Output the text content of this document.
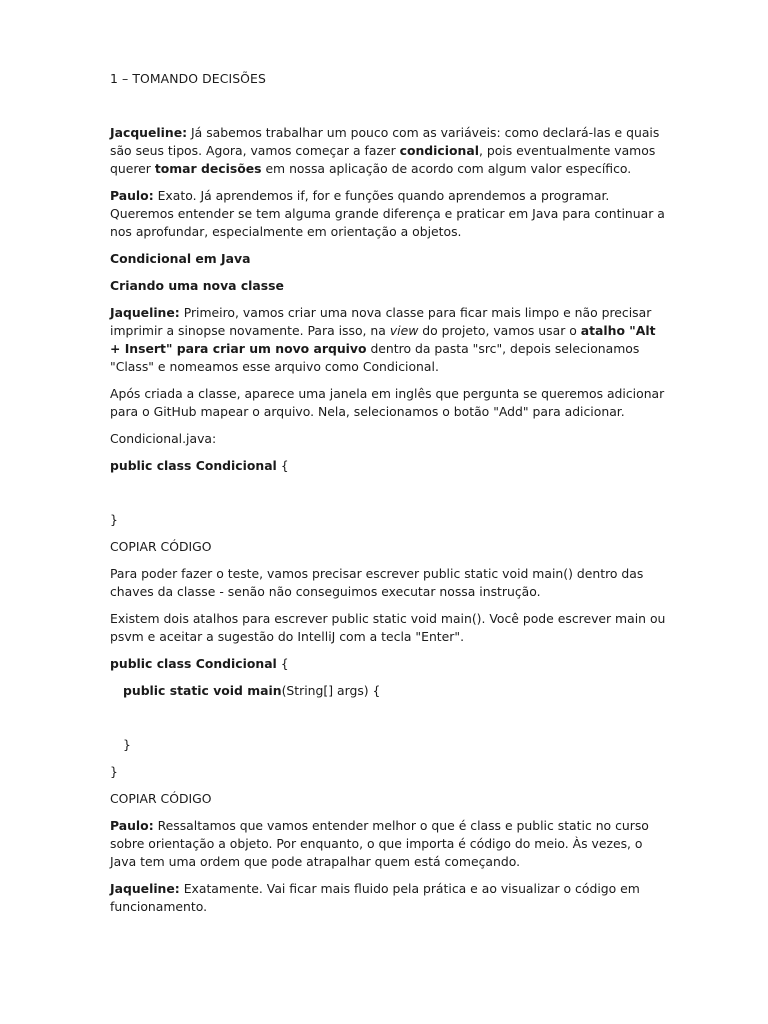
1 – TOMANDO DECISÕES

Jacqueline: Já sabemos trabalhar um pouco com as variáveis: como declará-las e quais são seus tipos. Agora, vamos começar a fazer condicional, pois eventualmente vamos querer tomar decisões em nossa aplicação de acordo com algum valor específico.

Paulo: Exato. Já aprendemos if, for e funções quando aprendemos a programar. Queremos entender se tem alguma grande diferença e praticar em Java para continuar a nos aprofundar, especialmente em orientação a objetos.

Condicional em Java

Criando uma nova classe

Jaqueline: Primeiro, vamos criar uma nova classe para ficar mais limpo e não precisar imprimir a sinopse novamente. Para isso, na view do projeto, vamos usar o atalho "Alt + Insert" para criar um novo arquivo dentro da pasta "src", depois selecionamos "Class" e nomeamos esse arquivo como Condicional.

Após criada a classe, aparece uma janela em inglês que pergunta se queremos adicionar para o GitHub mapear o arquivo. Nela, selecionamos o botão "Add" para adicionar.

Condicional.java:

public class Condicional {
}

COPIAR CÓDIGO

Para poder fazer o teste, vamos precisar escrever public static void main() dentro das chaves da classe - senão não conseguimos executar nossa instrução.

Existem dois atalhos para escrever public static void main(). Você pode escrever main ou psvm e aceitar a sugestão do IntelliJ com a tecla "Enter".

public class Condicional {
public static void main(String[] args) {
}
}

COPIAR CÓDIGO

Paulo: Ressaltamos que vamos entender melhor o que é class e public static no curso sobre orientação a objeto. Por enquanto, o que importa é código do meio. Às vezes, o Java tem uma ordem que pode atrapalhar quem está começando.

Jaqueline: Exatamente. Vai ficar mais fluido pela prática e ao visualizar o código em funcionamento.
